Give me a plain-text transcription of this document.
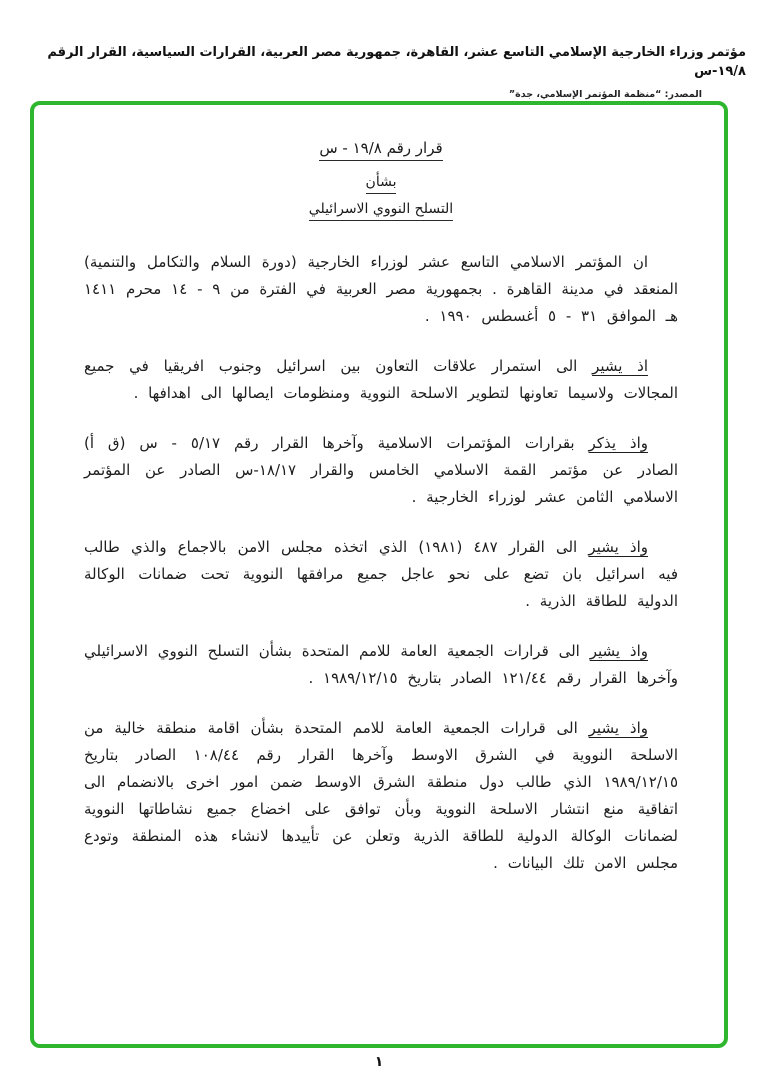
مؤتمر وزراء الخارجية الإسلامي التاسع عشر، القاهرة، جمهورية مصر العربية، القرارات السياسية، القرار الرقم ١٩/٨-س
المصدر: “منظمة المؤتمر الإسلامي، جدة”
قرار رقم ١٩/٨ - س
بشأن
التسلح النووي الاسرائيلي

ان المؤتمر الاسلامي التاسع عشر لوزراء الخارجية (دورة السلام والتكامل والتنمية) المنعقد في مدينة القاهرة . بجمهورية مصر العربية في الفترة من ٩ - ١٤ محرم ١٤١١ هـ الموافق ٣١ - ٥ أغسطس ١٩٩٠ .

اذ يشير الى استمرار علاقات التعاون بين اسرائيل وجنوب افريقيا في جميع المجالات ولاسيما تعاونها لتطوير الاسلحة النووية ومنظومات ايصالها الى اهدافها .

واذ يذكر بقرارات المؤتمرات الاسلامية وآخرها القرار رقم ٥/١٧ - س (ق أ) الصادر عن مؤتمر القمة الاسلامي الخامس والقرار ١٨/١٧-س الصادر عن المؤتمر الاسلامي الثامن عشر لوزراء الخارجية .

واذ يشير الى القرار ٤٨٧ (١٩٨١) الذي اتخذه مجلس الامن بالاجماع والذي طالب فيه اسرائيل بان تضع على نحو عاجل جميع مرافقها النووية تحت ضمانات الوكالة الدولية للطاقة الذرية .

واذ يشير الى قرارات الجمعية العامة للامم المتحدة بشأن التسلح النووي الاسرائيلي وآخرها القرار رقم ١٢١/٤٤ الصادر بتاريخ ١٩٨٩/١٢/١٥ .

واذ يشير الى قرارات الجمعية العامة للامم المتحدة بشأن اقامة منطقة خالية من الاسلحة النووية في الشرق الاوسط وآخرها القرار رقم ١٠٨/٤٤ الصادر بتاريخ ١٩٨٩/١٢/١٥ الذي طالب دول منطقة الشرق الاوسط ضمن امور اخرى بالانضمام الى اتفاقية منع انتشار الاسلحة النووية وبأن توافق على اخضاع جميع نشاطاتها النووية لضمانات الوكالة الدولية للطاقة الذرية وتعلن عن تأييدها لانشاء هذه المنطقة وتودع مجلس الامن تلك البيانات .

١
